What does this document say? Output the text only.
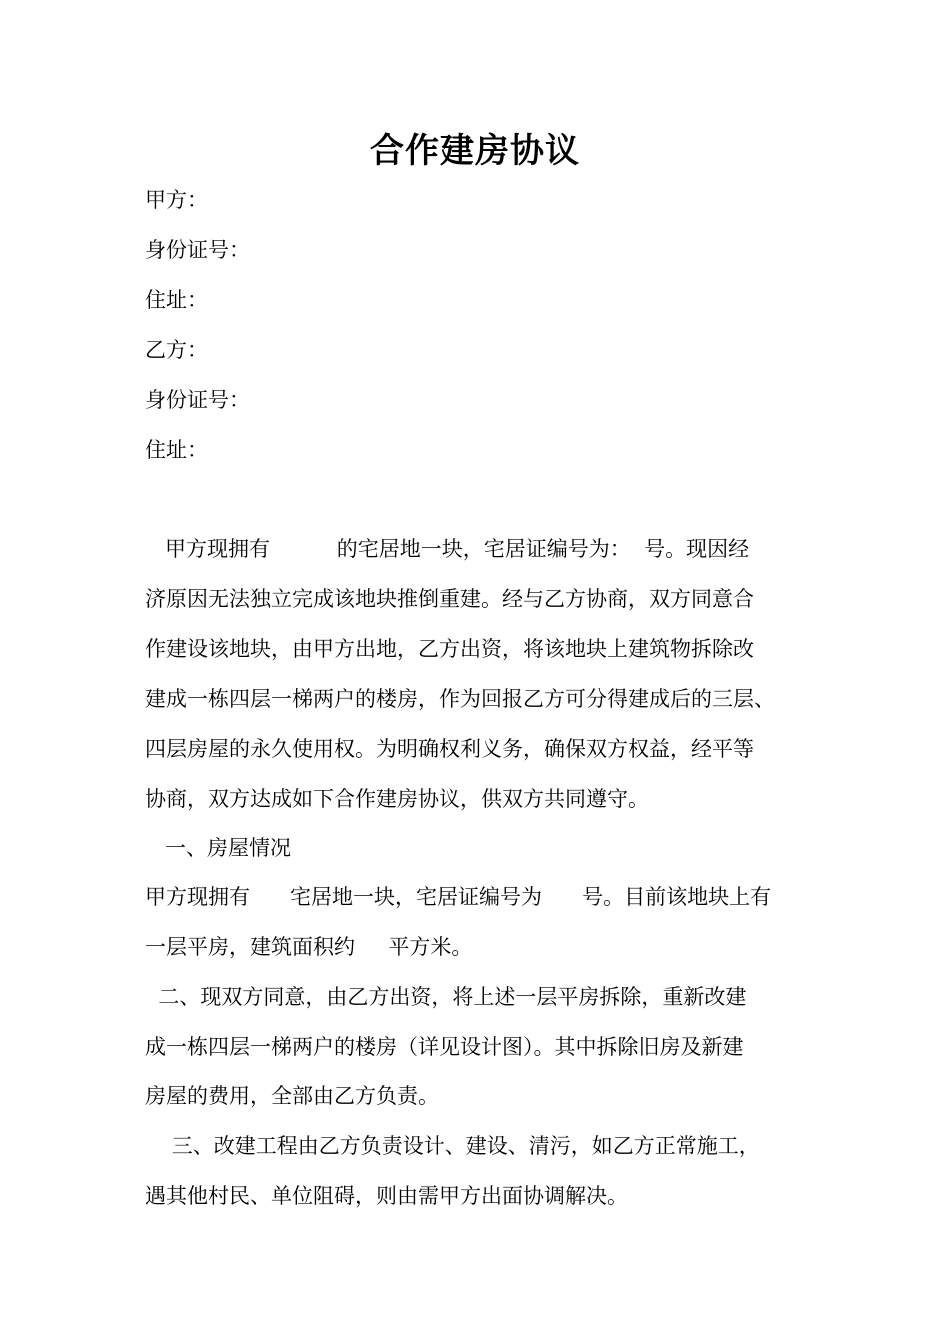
合作建房协议
甲方：
身份证号：
住址：
乙方：
身份证号：
住址：
甲方现拥有          的宅居地一块，宅居证编号为：  号。现因经
济原因无法独立完成该地块推倒重建。经与乙方协商，双方同意合
作建设该地块，由甲方出地，乙方出资，将该地块上建筑物拆除改
建成一栋四层一梯两户的楼房，作为回报乙方可分得建成后的三层、
四层房屋的永久使用权。为明确权利义务，确保双方权益，经平等
协商，双方达成如下合作建房协议，供双方共同遵守。
一、房屋情况
甲方现拥有      宅居地一块，宅居证编号为      号。目前该地块上有
一层平房，建筑面积约     平方米。
二、现双方同意，由乙方出资，将上述一层平房拆除，重新改建
成一栋四层一梯两户的楼房（详见设计图）。其中拆除旧房及新建
房屋的费用，全部由乙方负责。
三、改建工程由乙方负责设计、建设、清污，如乙方正常施工，
遇其他村民、单位阻碍，则由需甲方出面协调解决。
